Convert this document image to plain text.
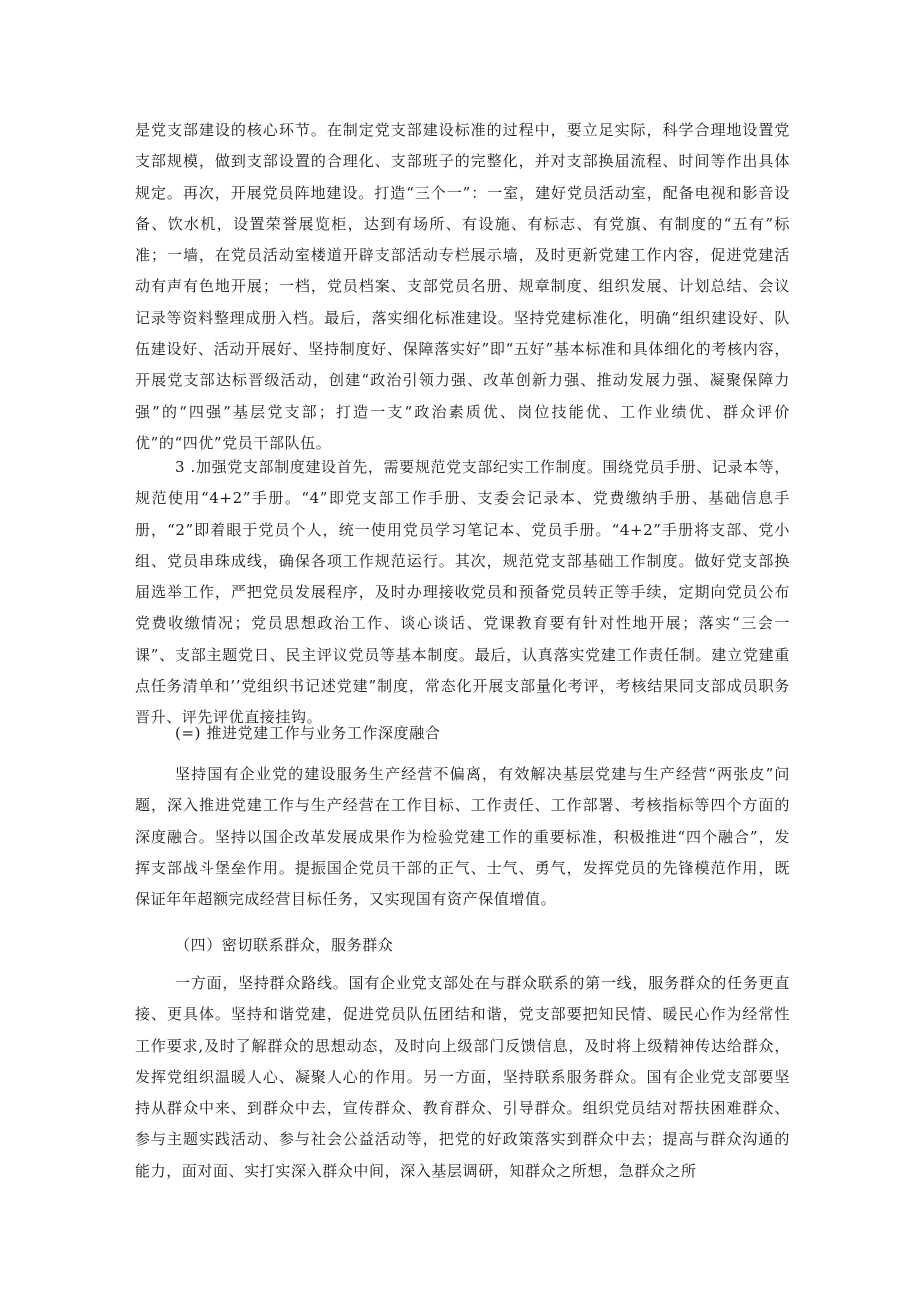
是党支部建设的核心环节。在制定党支部建设标准的过程中，要立足实际，科学合理地设置党支部规模，做到支部设置的合理化、支部班子的完整化，并对支部换届流程、时间等作出具体规定。再次，开展党员阵地建设。打造“三个一”：一室，建好党员活动室，配备电视和影音设备、饮水机，设置荣誉展览柜，达到有场所、有设施、有标志、有党旗、有制度的“五有”标准；一墙，在党员活动室楼道开辟支部活动专栏展示墙，及时更新党建工作内容，促进党建活动有声有色地开展；一档，党员档案、支部党员名册、规章制度、组织发展、计划总结、会议记录等资料整理成册入档。最后，落实细化标准建设。坚持党建标准化，明确“组织建设好、队伍建设好、活动开展好、坚持制度好、保障落实好”即“五好”基本标准和具体细化的考核内容，开展党支部达标晋级活动，创建“政治引领力强、改革创新力强、推动发展力强、凝聚保障力强”的“四强”基层党支部；打造一支“政治素质优、岗位技能优、工作业绩优、群众评价优”的“四优”党员干部队伍。

3 .加强党支部制度建设首先，需要规范党支部纪实工作制度。围绕党员手册、记录本等，规范使用“4+2”手册。“4”即党支部工作手册、支委会记录本、党费缴纳手册、基础信息手册，“2”即着眼于党员个人，统一使用党员学习笔记本、党员手册。“4+2”手册将支部、党小组、党员串珠成线，确保各项工作规范运行。其次，规范党支部基础工作制度。做好党支部换届选举工作，严把党员发展程序，及时办理接收党员和预备党员转正等手续，定期向党员公布党费收缴情况；党员思想政治工作、谈心谈话、党课教育要有针对性地开展；落实“三会一课”、支部主题党日、民主评议党员等基本制度。最后，认真落实党建工作责任制。建立党建重点任务清单和’’党组织书记述党建”制度，常态化开展支部量化考评，考核结果同支部成员职务晋升、评先评优直接挂钩。

(=) 推进党建工作与业务工作深度融合

坚持国有企业党的建设服务生产经营不偏离，有效解决基层党建与生产经营“两张皮”问题，深入推进党建工作与生产经营在工作目标、工作责任、工作部署、考核指标等四个方面的深度融合。坚持以国企改革发展成果作为检验党建工作的重要标准，积极推进“四个融合”，发挥支部战斗堡垒作用。提振国企党员干部的正气、士气、勇气，发挥党员的先锋模范作用，既保证年年超额完成经营目标任务，又实现国有资产保值增值。

（四）密切联系群众，服务群众

一方面，坚持群众路线。国有企业党支部处在与群众联系的第一线，服务群众的任务更直接、更具体。坚持和谐党建，促进党员队伍团结和谐，党支部要把知民情、暖民心作为经常性工作要求,及时了解群众的思想动态，及时向上级部门反馈信息，及时将上级精神传达给群众，发挥党组织温暖人心、凝聚人心的作用。另一方面，坚持联系服务群众。国有企业党支部要坚持从群众中来、到群众中去，宣传群众、教育群众、引导群众。组织党员结对帮扶困难群众、参与主题实践活动、参与社会公益活动等，把党的好政策落实到群众中去；提高与群众沟通的能力，面对面、实打实深入群众中间，深入基层调研，知群众之所想，急群众之所
